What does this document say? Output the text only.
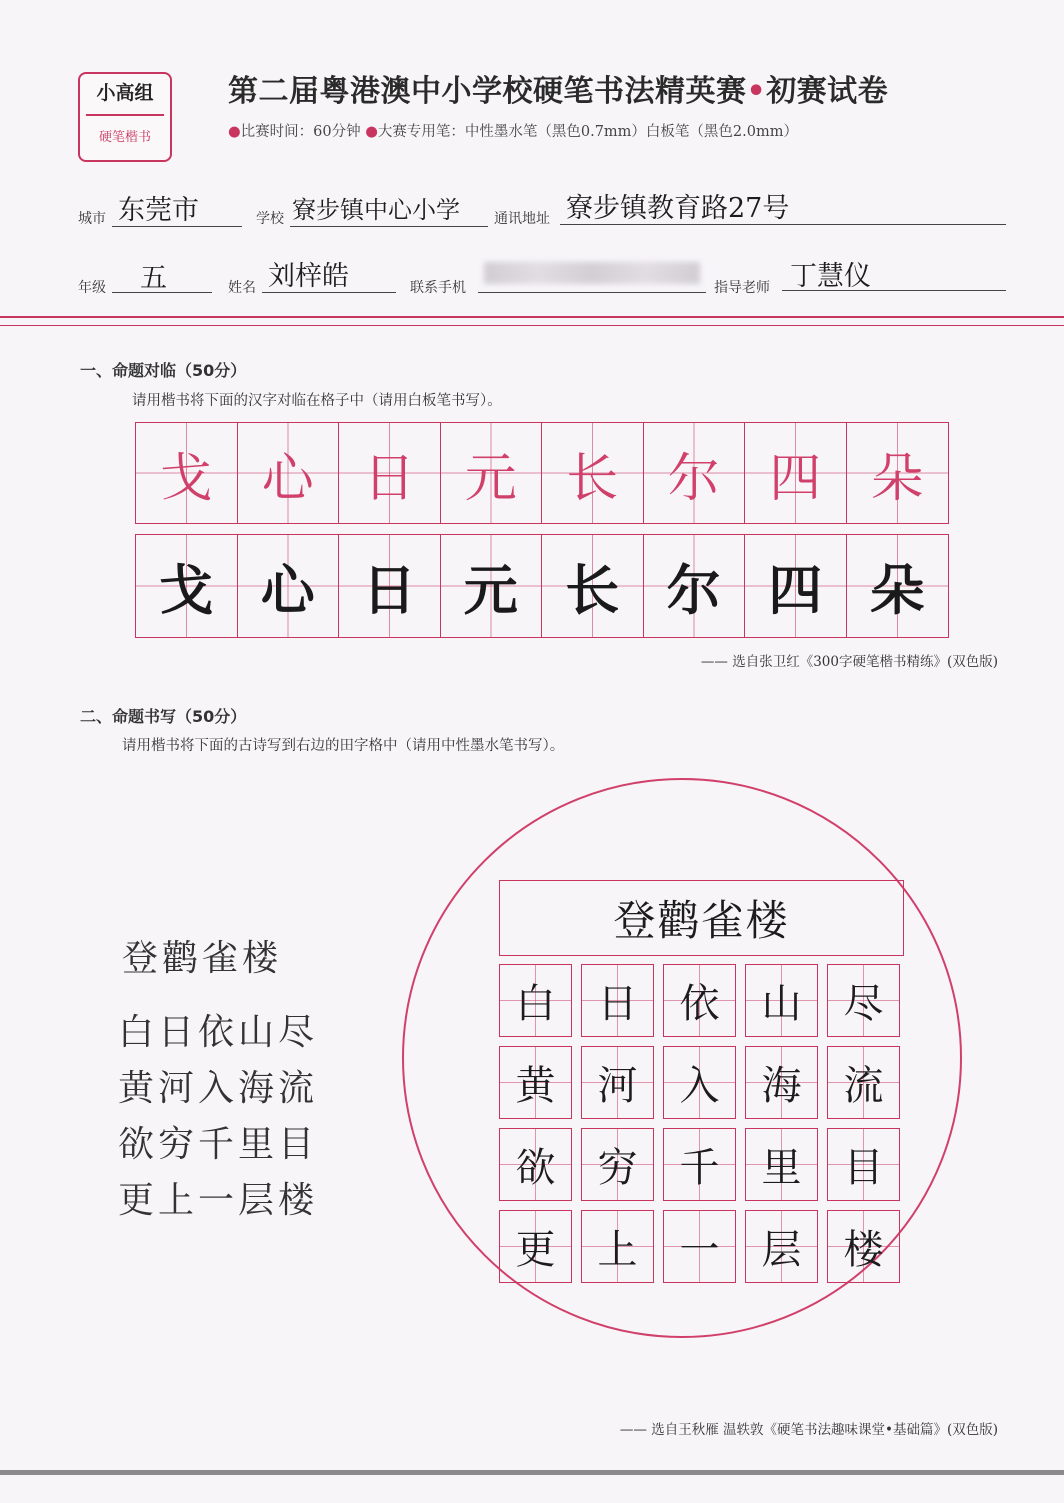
小高组
硬笔楷书
第二届粤港澳中小学校硬笔书法精英赛•初赛试卷
●比赛时间：60分钟 ●大赛专用笔：中性墨水笔（黑色0.7mm）白板笔（黑色2.0mm）
城市 东莞市	学校 寮步镇中心小学 通讯地址 寮步镇教育路27号
年级 五	姓名 刘梓皓	联系手机	指导老师 丁慧仪
一、命题对临（50分）
请用楷书将下面的汉字对临在格子中（请用白板笔书写）。
戈 心 日 元 长 尔 四 朵
戈 心 日 元 长 尔 四 朵
—— 选自张卫红《300字硬笔楷书精练》(双色版)
二、命题书写（50分）
请用楷书将下面的古诗写到右边的田字格中（请用中性墨水笔书写）。
登鹳雀楼
白日依山尽
黄河入海流
欲穷千里目
更上一层楼
登鹳雀楼
白	日	依	山	尽
黄	河	入	海	流
欲	穷	千	里	目
更	上	一	层	楼
—— 选自王秋雁 温轶敦《硬笔书法趣味课堂•基础篇》(双色版)
